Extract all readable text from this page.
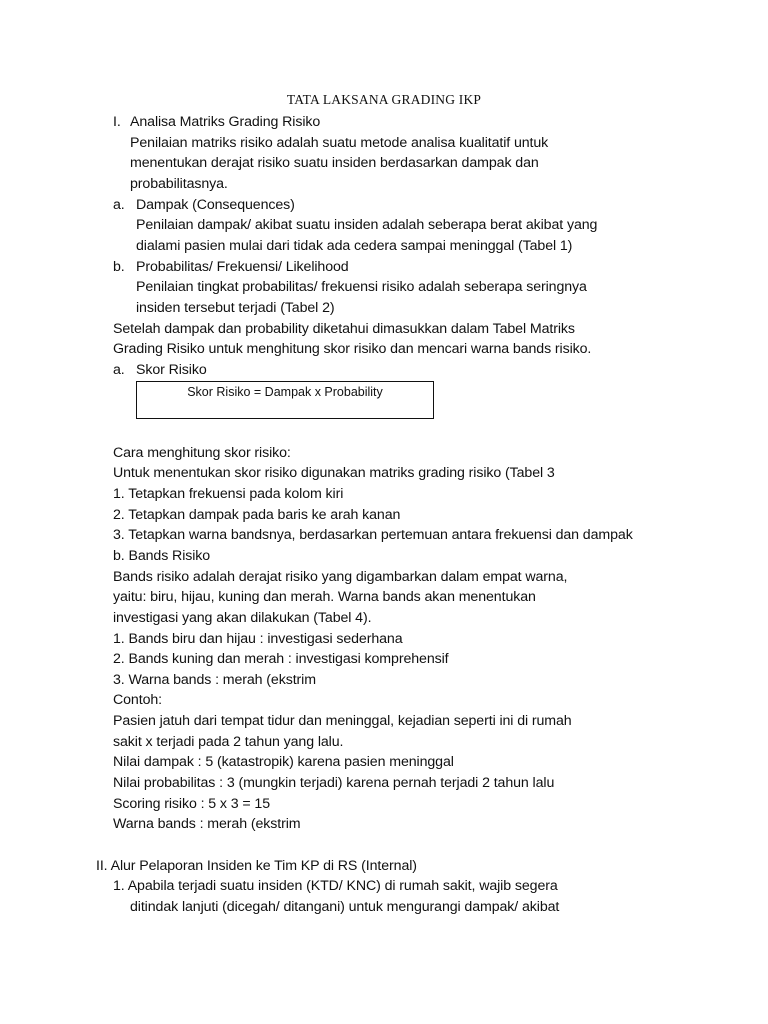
TATA LAKSANA GRADING IKP
I. Analisa Matriks Grading Risiko
Penilaian matriks risiko adalah suatu metode analisa kualitatif untuk
menentukan derajat risiko suatu insiden berdasarkan dampak dan
probabilitasnya.
a. Dampak (Consequences)
Penilaian dampak/ akibat suatu insiden adalah seberapa berat akibat yang
dialami pasien mulai dari tidak ada cedera sampai meninggal (Tabel 1)
b. Probabilitas/ Frekuensi/ Likelihood
Penilaian tingkat probabilitas/ frekuensi risiko adalah seberapa seringnya
insiden tersebut terjadi (Tabel 2)
Setelah dampak dan probability diketahui dimasukkan dalam Tabel Matriks
Grading Risiko untuk menghitung skor risiko dan mencari warna bands risiko.
a. Skor Risiko
Skor Risiko = Dampak x Probability
Cara menghitung skor risiko:
Untuk menentukan skor risiko digunakan matriks grading risiko (Tabel 3
1. Tetapkan frekuensi pada kolom kiri
2. Tetapkan dampak pada baris ke arah kanan
3. Tetapkan warna bandsnya, berdasarkan pertemuan antara frekuensi dan dampak
b. Bands Risiko
Bands risiko adalah derajat risiko yang digambarkan dalam empat warna,
yaitu: biru, hijau, kuning dan merah. Warna bands akan menentukan
investigasi yang akan dilakukan (Tabel 4).
1. Bands biru dan hijau : investigasi sederhana
2. Bands kuning dan merah : investigasi komprehensif
3. Warna bands : merah (ekstrim
Contoh:
Pasien jatuh dari tempat tidur dan meninggal, kejadian seperti ini di rumah
sakit x terjadi pada 2 tahun yang lalu.
Nilai dampak : 5 (katastropik) karena pasien meninggal
Nilai probabilitas : 3 (mungkin terjadi) karena pernah terjadi 2 tahun lalu
Scoring risiko : 5 x 3 = 15
Warna bands : merah (ekstrim
II. Alur Pelaporan Insiden ke Tim KP di RS (Internal)
1. Apabila terjadi suatu insiden (KTD/ KNC) di rumah sakit, wajib segera
ditindak lanjuti (dicegah/ ditangani) untuk mengurangi dampak/ akibat
